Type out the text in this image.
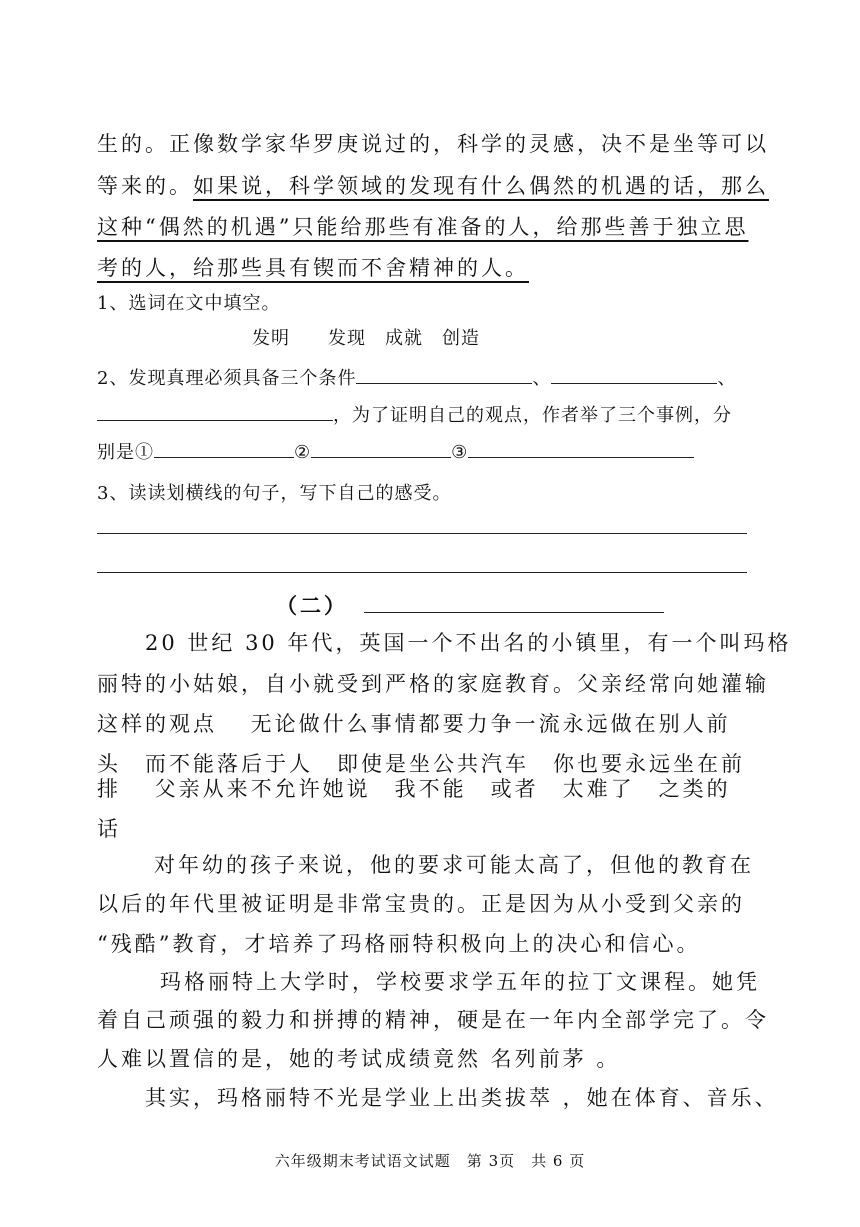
生的。正像数学家华罗庚说过的，科学的灵感，决不是坐等可以
等来的。如果说，科学领域的发现有什么偶然的机遇的话，那么
这种“偶然的机遇”只能给那些有准备的人，给那些善于独立思
考的人，给那些具有锲而不舍精神的人。
1、选词在文中填空。
发明　　发现　成就　创造
2、发现真理必须具备三个条件	、	、
，为了证明自己的观点，作者举了三个事例，分
别是①	②	③
3、读读划横线的句子，写下自己的感受。
（二）
20 世纪 30 年代，英国一个不出名的小镇里，有一个叫玛格
丽特的小姑娘，自小就受到严格的家庭教育。父亲经常向她灌输
这样的观点　 无论做什么事情都要力争一流永远做在别人前
头　而不能落后于人　即使是坐公共汽车　你也要永远坐在前
排　 父亲从来不允许她说　我不能　或者　太难了　之类的
话
对年幼的孩子来说，他的要求可能太高了，但他的教育在
以后的年代里被证明是非常宝贵的。正是因为从小受到父亲的
“残酷”教育，才培养了玛格丽特积极向上的决心和信心。
玛格丽特上大学时，学校要求学五年的拉丁文课程。她凭
着自己顽强的毅力和拼搏的精神，硬是在一年内全部学完了。令
人难以置信的是，她的考试成绩竟然 名列前茅 。
其实，玛格丽特不光是学业上出类拔萃 ，她在体育、音乐、
六年级期末考试语文试题　第 3页　共 6 页
